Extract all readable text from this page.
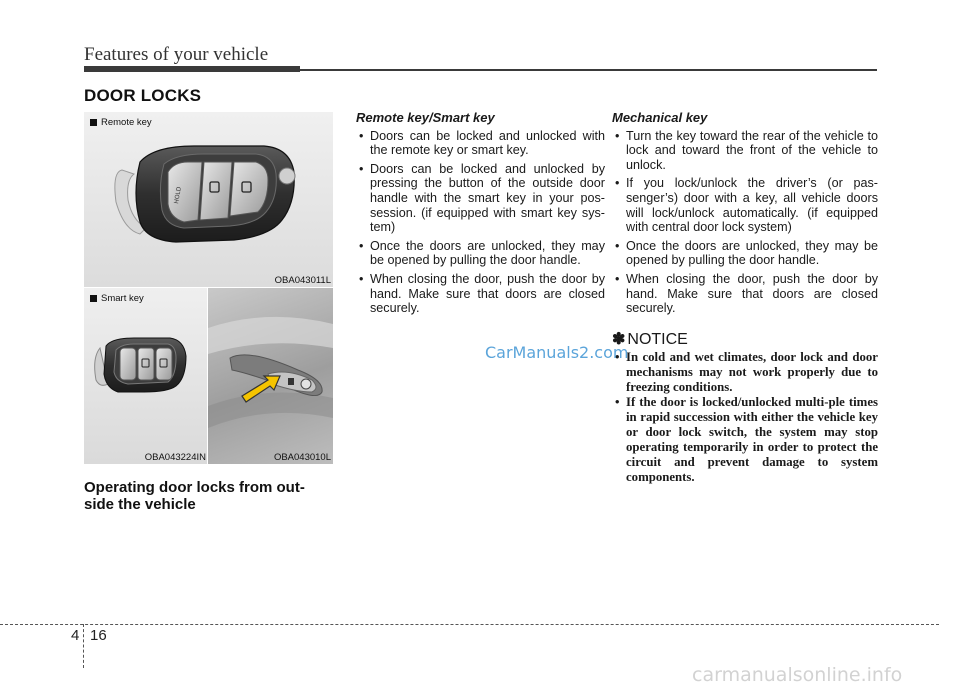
Features of your vehicle
DOOR LOCKS
Remote key
HOLD
OBA043011L
Smart key
OBA043224IN	OBA043010L
Operating door locks from out-side the vehicle
Remote key/Smart key
• Doors can be locked and unlocked with the remote key or smart key.
• Doors can be locked and unlocked by pressing the button of the outside door handle with the smart key in your pos-session. (if equipped with smart key sys-tem)
• Once the doors are unlocked, they may be opened by pulling the door handle.
• When closing the door, push the door by hand. Make sure that doors are closed securely.
Mechanical key
• Turn the key toward the rear of the vehicle to lock and toward the front of the vehicle to unlock.
• If you lock/unlock the driver’s (or pas-senger’s) door with a key, all vehicle doors will lock/unlock automatically. (if equipped with central door lock system)
• Once the doors are unlocked, they may be opened by pulling the door handle.
• When closing the door, push the door by hand. Make sure that doors are closed securely.
✽ NOTICE
• In cold and wet climates, door lock and door mechanisms may not work properly due to freezing conditions.
• If the door is locked/unlocked multi-ple times in rapid succession with either the vehicle key or door lock switch, the system may stop operating temporarily in order to protect the circuit and prevent damage to system components.
CarManuals2.com
4 16
carmanualsonline.info
